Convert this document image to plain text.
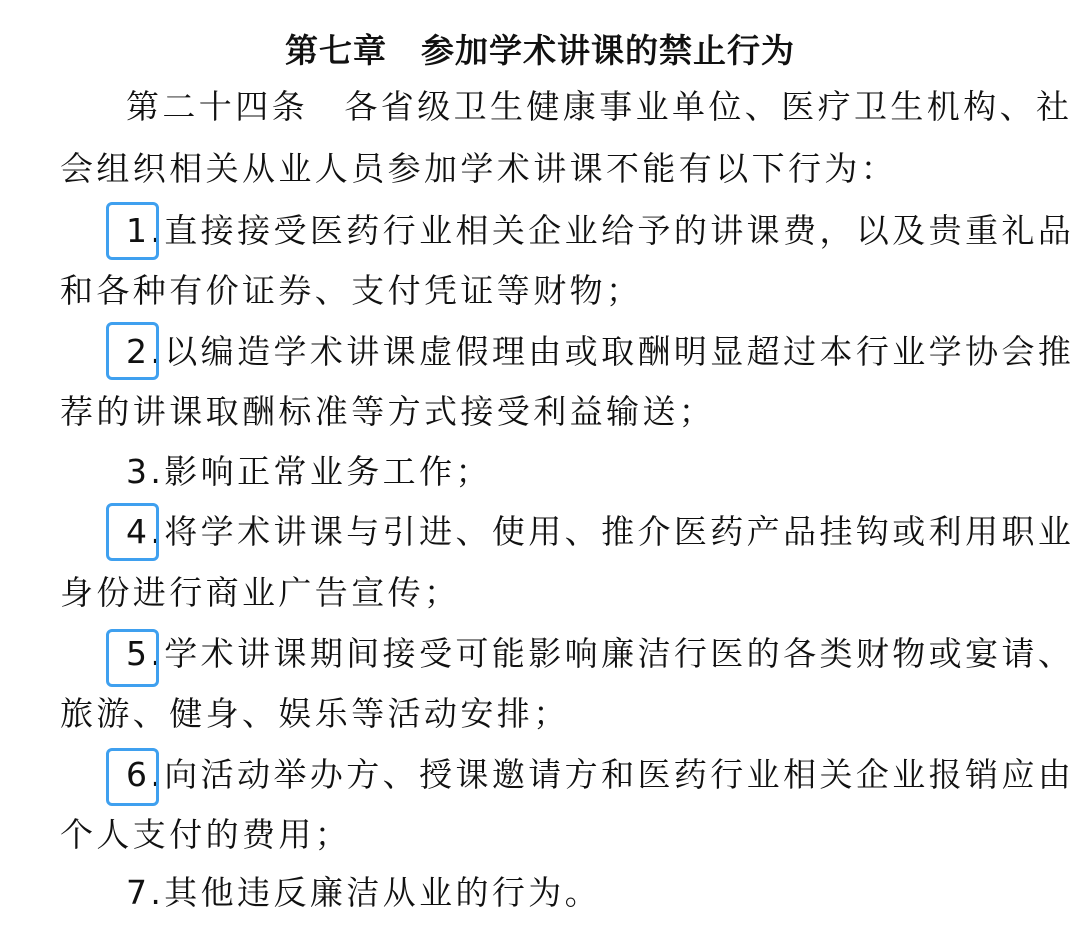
第七章　参加学术讲课的禁止行为
第二十四条　各省级卫生健康事业单位、医疗卫生机构、社
会组织相关从业人员参加学术讲课不能有以下行为：
1.直接接受医药行业相关企业给予的讲课费，以及贵重礼品
和各种有价证券、支付凭证等财物；
2.以编造学术讲课虚假理由或取酬明显超过本行业学协会推
荐的讲课取酬标准等方式接受利益输送；
3.影响正常业务工作；
4.将学术讲课与引进、使用、推介医药产品挂钩或利用职业
身份进行商业广告宣传；
5.学术讲课期间接受可能影响廉洁行医的各类财物或宴请、
旅游、健身、娱乐等活动安排；
6.向活动举办方、授课邀请方和医药行业相关企业报销应由
个人支付的费用；
7.其他违反廉洁从业的行为。
